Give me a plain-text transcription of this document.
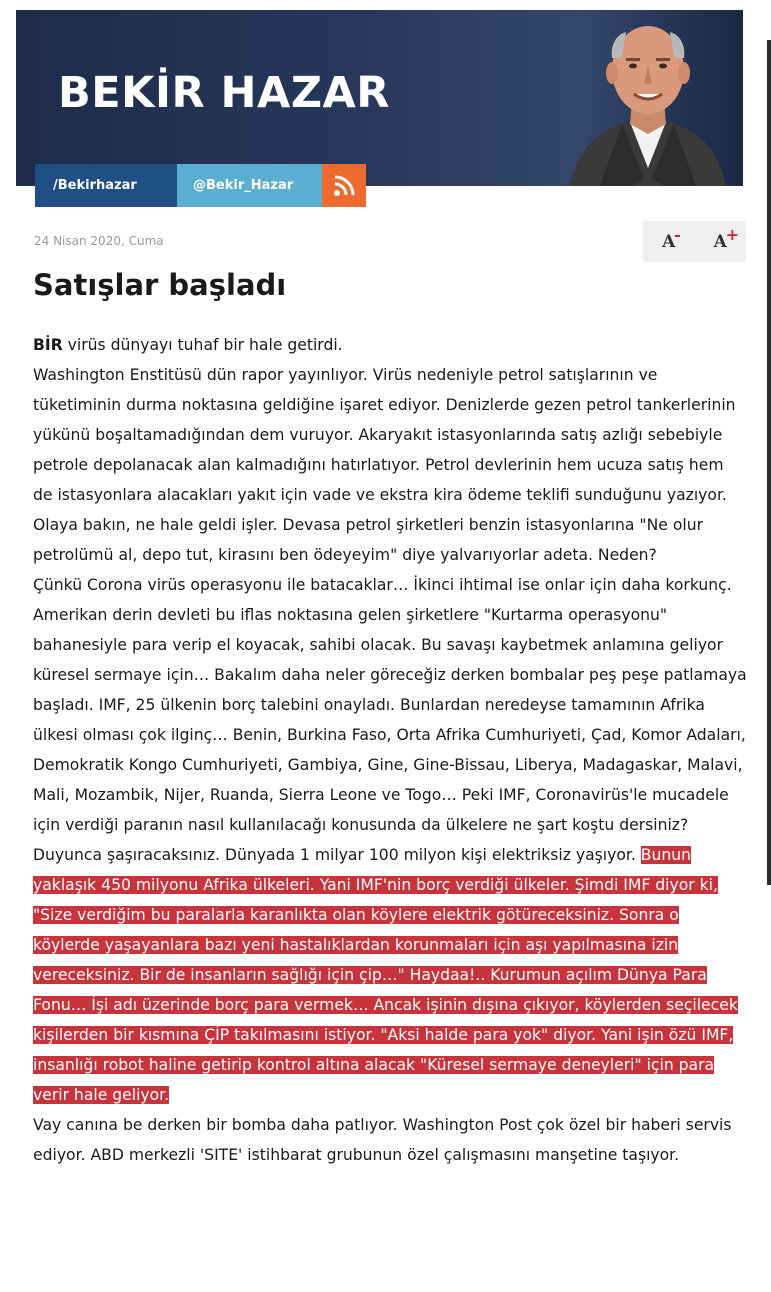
BEKİR HAZAR
/Bekirhazar	@Bekir_Hazar
24 Nisan 2020, Cuma	A
- A
+
Satışlar başladı

BİR virüs dünyayı tuhaf bir hale getirdi.

Washington Enstitüsü dün rapor yayınlıyor. Virüs nedeniyle petrol satışlarının ve tüketiminin durma noktasına geldiğine işaret ediyor. Denizlerde gezen petrol tankerlerinin yükünü boşaltamadığından dem vuruyor. Akaryakıt istasyonlarında satış azlığı sebebiyle petrole depolanacak alan kalmadığını hatırlatıyor. Petrol devlerinin hem ucuza satış hem de istasyonlara alacakları yakıt için vade ve ekstra kira ödeme teklifi sunduğunu yazıyor. Olaya bakın, ne hale geldi işler. Devasa petrol şirketleri benzin istasyonlarına "Ne olur petrolümü al, depo tut, kirasını ben ödeyeyim" diye yalvarıyorlar adeta. Neden?

Çünkü Corona virüs operasyonu ile batacaklar… İkinci ihtimal ise onlar için daha korkunç. Amerikan derin devleti bu iflas noktasına gelen şirketlere "Kurtarma operasyonu" bahanesiyle para verip el koyacak, sahibi olacak. Bu savaşı kaybetmek anlamına geliyor küresel sermaye için… Bakalım daha neler göreceğiz derken bombalar peş peşe patlamaya başladı. IMF, 25 ülkenin borç talebini onayladı. Bunlardan neredeyse tamamının Afrika ülkesi olması çok ilginç… Benin, Burkina Faso, Orta Afrika Cumhuriyeti, Çad, Komor Adaları, Demokratik Kongo Cumhuriyeti, Gambiya, Gine, Gine-Bissau, Liberya, Madagaskar, Malavi, Mali, Mozambik, Nijer, Ruanda, Sierra Leone ve Togo… Peki IMF, Coronavirüs'le mucadele için verdiği paranın nasıl kullanılacağı konusunda da ülkelere ne şart koştu dersiniz? Duyunca şaşıracaksınız. Dünyada 1 milyar 100 milyon kişi elektriksiz yaşıyor. Bunun yaklaşık 450 milyonu Afrika ülkeleri. Yani IMF'nin borç verdiği ülkeler. Şimdi IMF diyor ki, "Size verdiğim bu paralarla karanlıkta olan köylere elektrik götüreceksiniz. Sonra o köylerde yaşayanlara bazı yeni hastalıklardan korunmaları için aşı yapılmasına izin vereceksiniz. Bir de insanların sağlığı için çip…" Haydaa!.. Kurumun açılım Dünya Para Fonu… İşi adı üzerinde borç para vermek… Ancak işinin dışına çıkıyor, köylerden seçilecek kişilerden bir kısmına ÇİP takılmasını istiyor. "Aksi halde para yok" diyor. Yani işin özü IMF, insanlığı robot haline getirip kontrol altına alacak "Küresel sermaye deneyleri" için para verir hale geliyor.

Vay canına be derken bir bomba daha patlıyor. Washington Post çok özel bir haberi servis ediyor. ABD merkezli 'SITE' istihbarat grubunun özel çalışmasını manşetine taşıyor.
